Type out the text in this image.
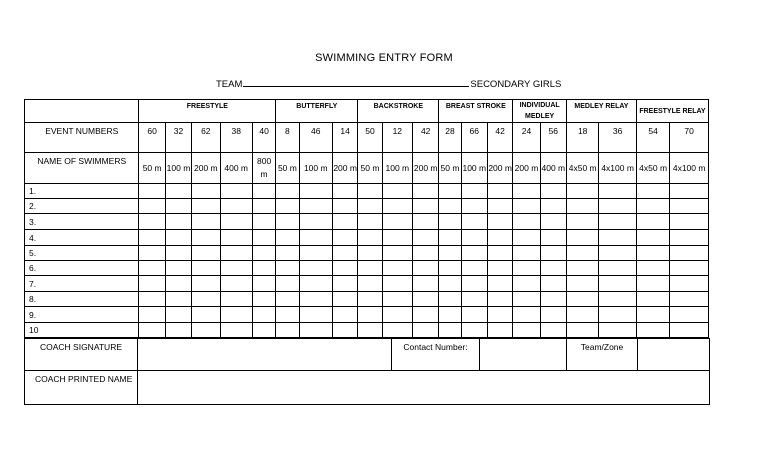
SWIMMING ENTRY FORM
TEAM	SECONDARY GIRLS
	FREESTYLE					BUTTERFLY			BACKSTROKE			BREAST STROKE			INDIVIDUAL MEDLEY		MEDLEY RELAY		FREESTYLE RELAY	
EVENT NUMBERS	60	32	62	38	40	8	46	14	50	12	42	28	66	42	24	56	18	36	54	70
NAME OF SWIMMERS	50 m	100 m	200 m	400 m	800 m	50 m	100 m	200 m	50 m	100 m	200 m	50 m	100 m	200 m	200 m	400 m	4x50 m	4x100 m	4x50 m	4x100 m
1.																				
2.																				
3.																				
4.																				
5.																				
6.																				
7.																				
8.																				
9.																				
10																				
COACH SIGNATURE		Contact Number:		Team/Zone	
COACH PRINTED NAME					
